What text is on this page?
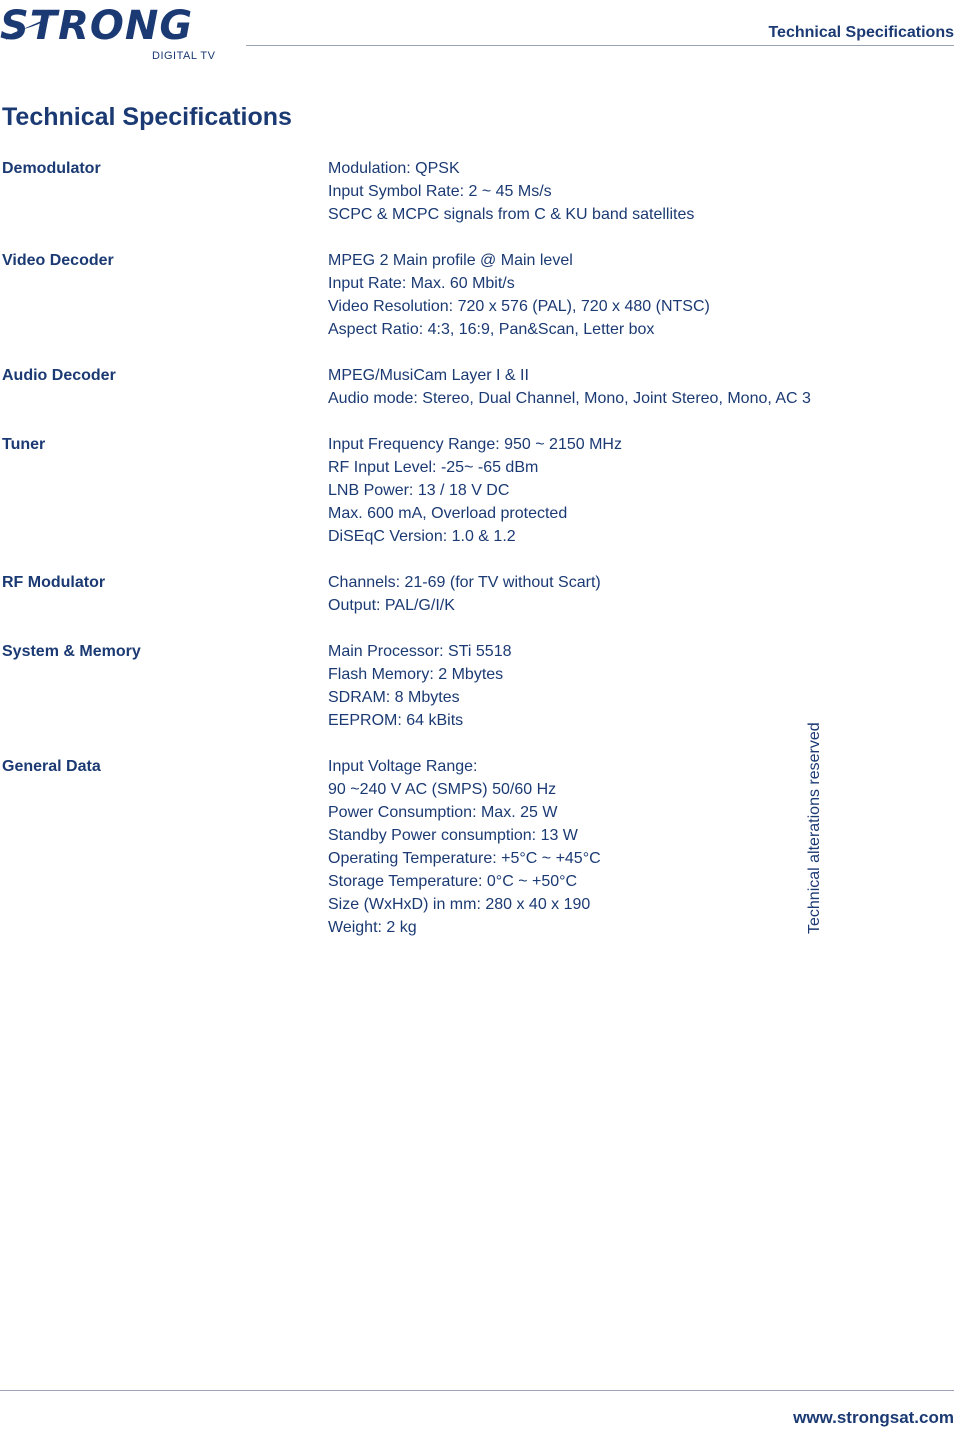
STRONG
DIGITAL TV
Technical Specifications
Technical Specifications
Demodulator	Modulation: QPSK
Input Symbol Rate: 2 ~ 45 Ms/s
SCPC & MCPC signals from C & KU band satellites
Video Decoder	MPEG 2 Main profile @ Main level
Input Rate: Max. 60 Mbit/s
Video Resolution: 720 x 576 (PAL), 720 x 480 (NTSC)
Aspect Ratio: 4:3, 16:9, Pan&Scan, Letter box
Audio Decoder	MPEG/MusiCam Layer I & II
Audio mode: Stereo, Dual Channel, Mono, Joint Stereo, Mono, AC 3
Tuner	Input Frequency Range: 950 ~ 2150 MHz
RF Input Level: -25~ -65 dBm
LNB Power: 13 / 18 V DC
Max. 600 mA, Overload protected
DiSEqC Version: 1.0 & 1.2
RF Modulator	Channels: 21-69 (for TV without Scart)
Output: PAL/G/I/K
System & Memory	Main Processor: STi 5518
Flash Memory: 2 Mbytes
SDRAM: 8 Mbytes
EEPROM: 64 kBits
General Data	Input Voltage Range:
90 ~240 V AC (SMPS) 50/60 Hz
Power Consumption: Max. 25 W
Standby Power consumption: 13 W
Operating Temperature: +5°C ~ +45°C
Storage Temperature: 0°C ~ +50°C
Size (WxHxD) in mm: 280 x 40 x 190
Weight: 2 kg	Technical alterations reserved
www.strongsat.com
